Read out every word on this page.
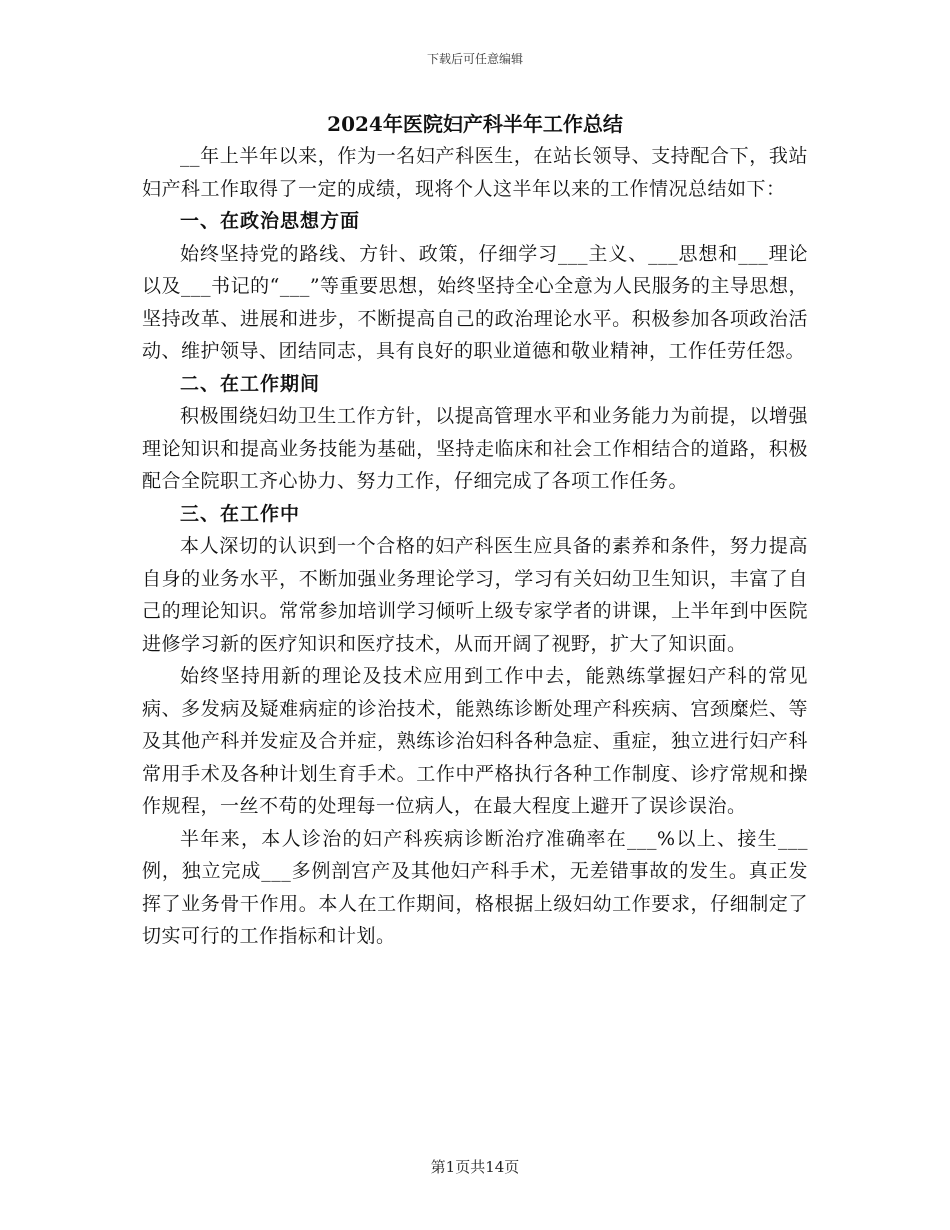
下载后可任意编辑
2024年医院妇产科半年工作总结

__年上半年以来，作为一名妇产科医生，在站长领导、支持配合下，我站妇产科工作取得了一定的成绩，现将个人这半年以来的工作情况总结如下：

一、在政治思想方面

始终坚持党的路线、方针、政策，仔细学习___主义、___思想和___理论以及___书记的“___”等重要思想，始终坚持全心全意为人民服务的主导思想，坚持改革、进展和进步，不断提高自己的政治理论水平。积极参加各项政治活动、维护领导、团结同志，具有良好的职业道德和敬业精神，工作任劳任怨。

二、在工作期间

积极围绕妇幼卫生工作方针，以提高管理水平和业务能力为前提，以增强理论知识和提高业务技能为基础，坚持走临床和社会工作相结合的道路，积极配合全院职工齐心协力、努力工作，仔细完成了各项工作任务。

三、在工作中

本人深切的认识到一个合格的妇产科医生应具备的素养和条件，努力提高自身的业务水平，不断加强业务理论学习，学习有关妇幼卫生知识，丰富了自己的理论知识。常常参加培训学习倾听上级专家学者的讲课，上半年到中医院进修学习新的医疗知识和医疗技术，从而开阔了视野，扩大了知识面。

始终坚持用新的理论及技术应用到工作中去，能熟练掌握妇产科的常见病、多发病及疑难病症的诊治技术，能熟练诊断处理产科疾病、宫颈糜烂、等及其他产科并发症及合并症，熟练诊治妇科各种急症、重症，独立进行妇产科常用手术及各种计划生育手术。工作中严格执行各种工作制度、诊疗常规和操作规程，一丝不苟的处理每一位病人，在最大程度上避开了误诊误治。

半年来，本人诊治的妇产科疾病诊断治疗准确率在___%以上、接生___例，独立完成___多例剖宫产及其他妇产科手术，无差错事故的发生。真正发挥了业务骨干作用。本人在工作期间，格根据上级妇幼工作要求，仔细制定了切实可行的工作指标和计划。

第1页共14页
